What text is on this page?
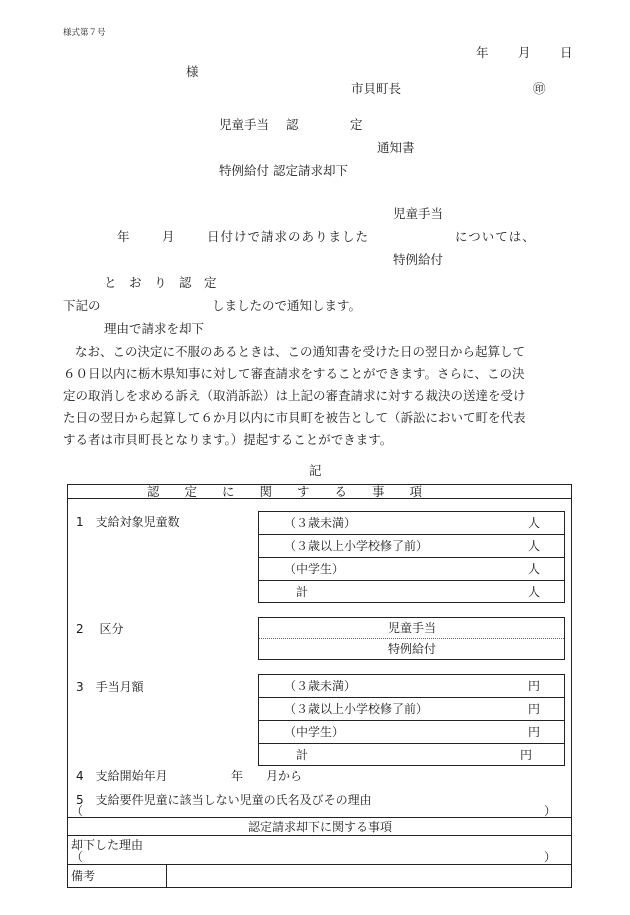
様式第７号
年 月 日
様
市貝町長	㊞
児童手当 認	定
通知書
特例給付 認定請求却下
児童手当
年	月	日付けで請求のありました	については、
特例給付
と　お　り　認　定
下記の	しましたので通知します。
理由で請求を却下
なお、この決定に不服のあるときは、この通知書を受けた日の翌日から起算して
６０日以内に栃木県知事に対して審査請求をすることができます。さらに、この決
定の取消しを求める訴え（取消訴訟）は上記の審査請求に対する裁決の送達を受け
た日の翌日から起算して６か月以内に市貝町を被告として（訴訟において町を代表
する者は市貝町長となります。）提起することができます。
記
認　　定　　に　　関　　す　　る　　事　　項
1　支給対象児童数	（３歳未満）	人
（３歳以上小学校修了前）	人
（中学生）	人
計	人
2　 区分	児童手当
特例給付
3　手当月額	（３歳未満）	円
（３歳以上小学校修了前）	円
（中学生）	円
計	円
4　支給開始年月	年 月から
5　支給要件児童に該当しない児童の氏名及びその理由
（	）
認定請求却下に関する事項
却下した理由
（	）
備考
